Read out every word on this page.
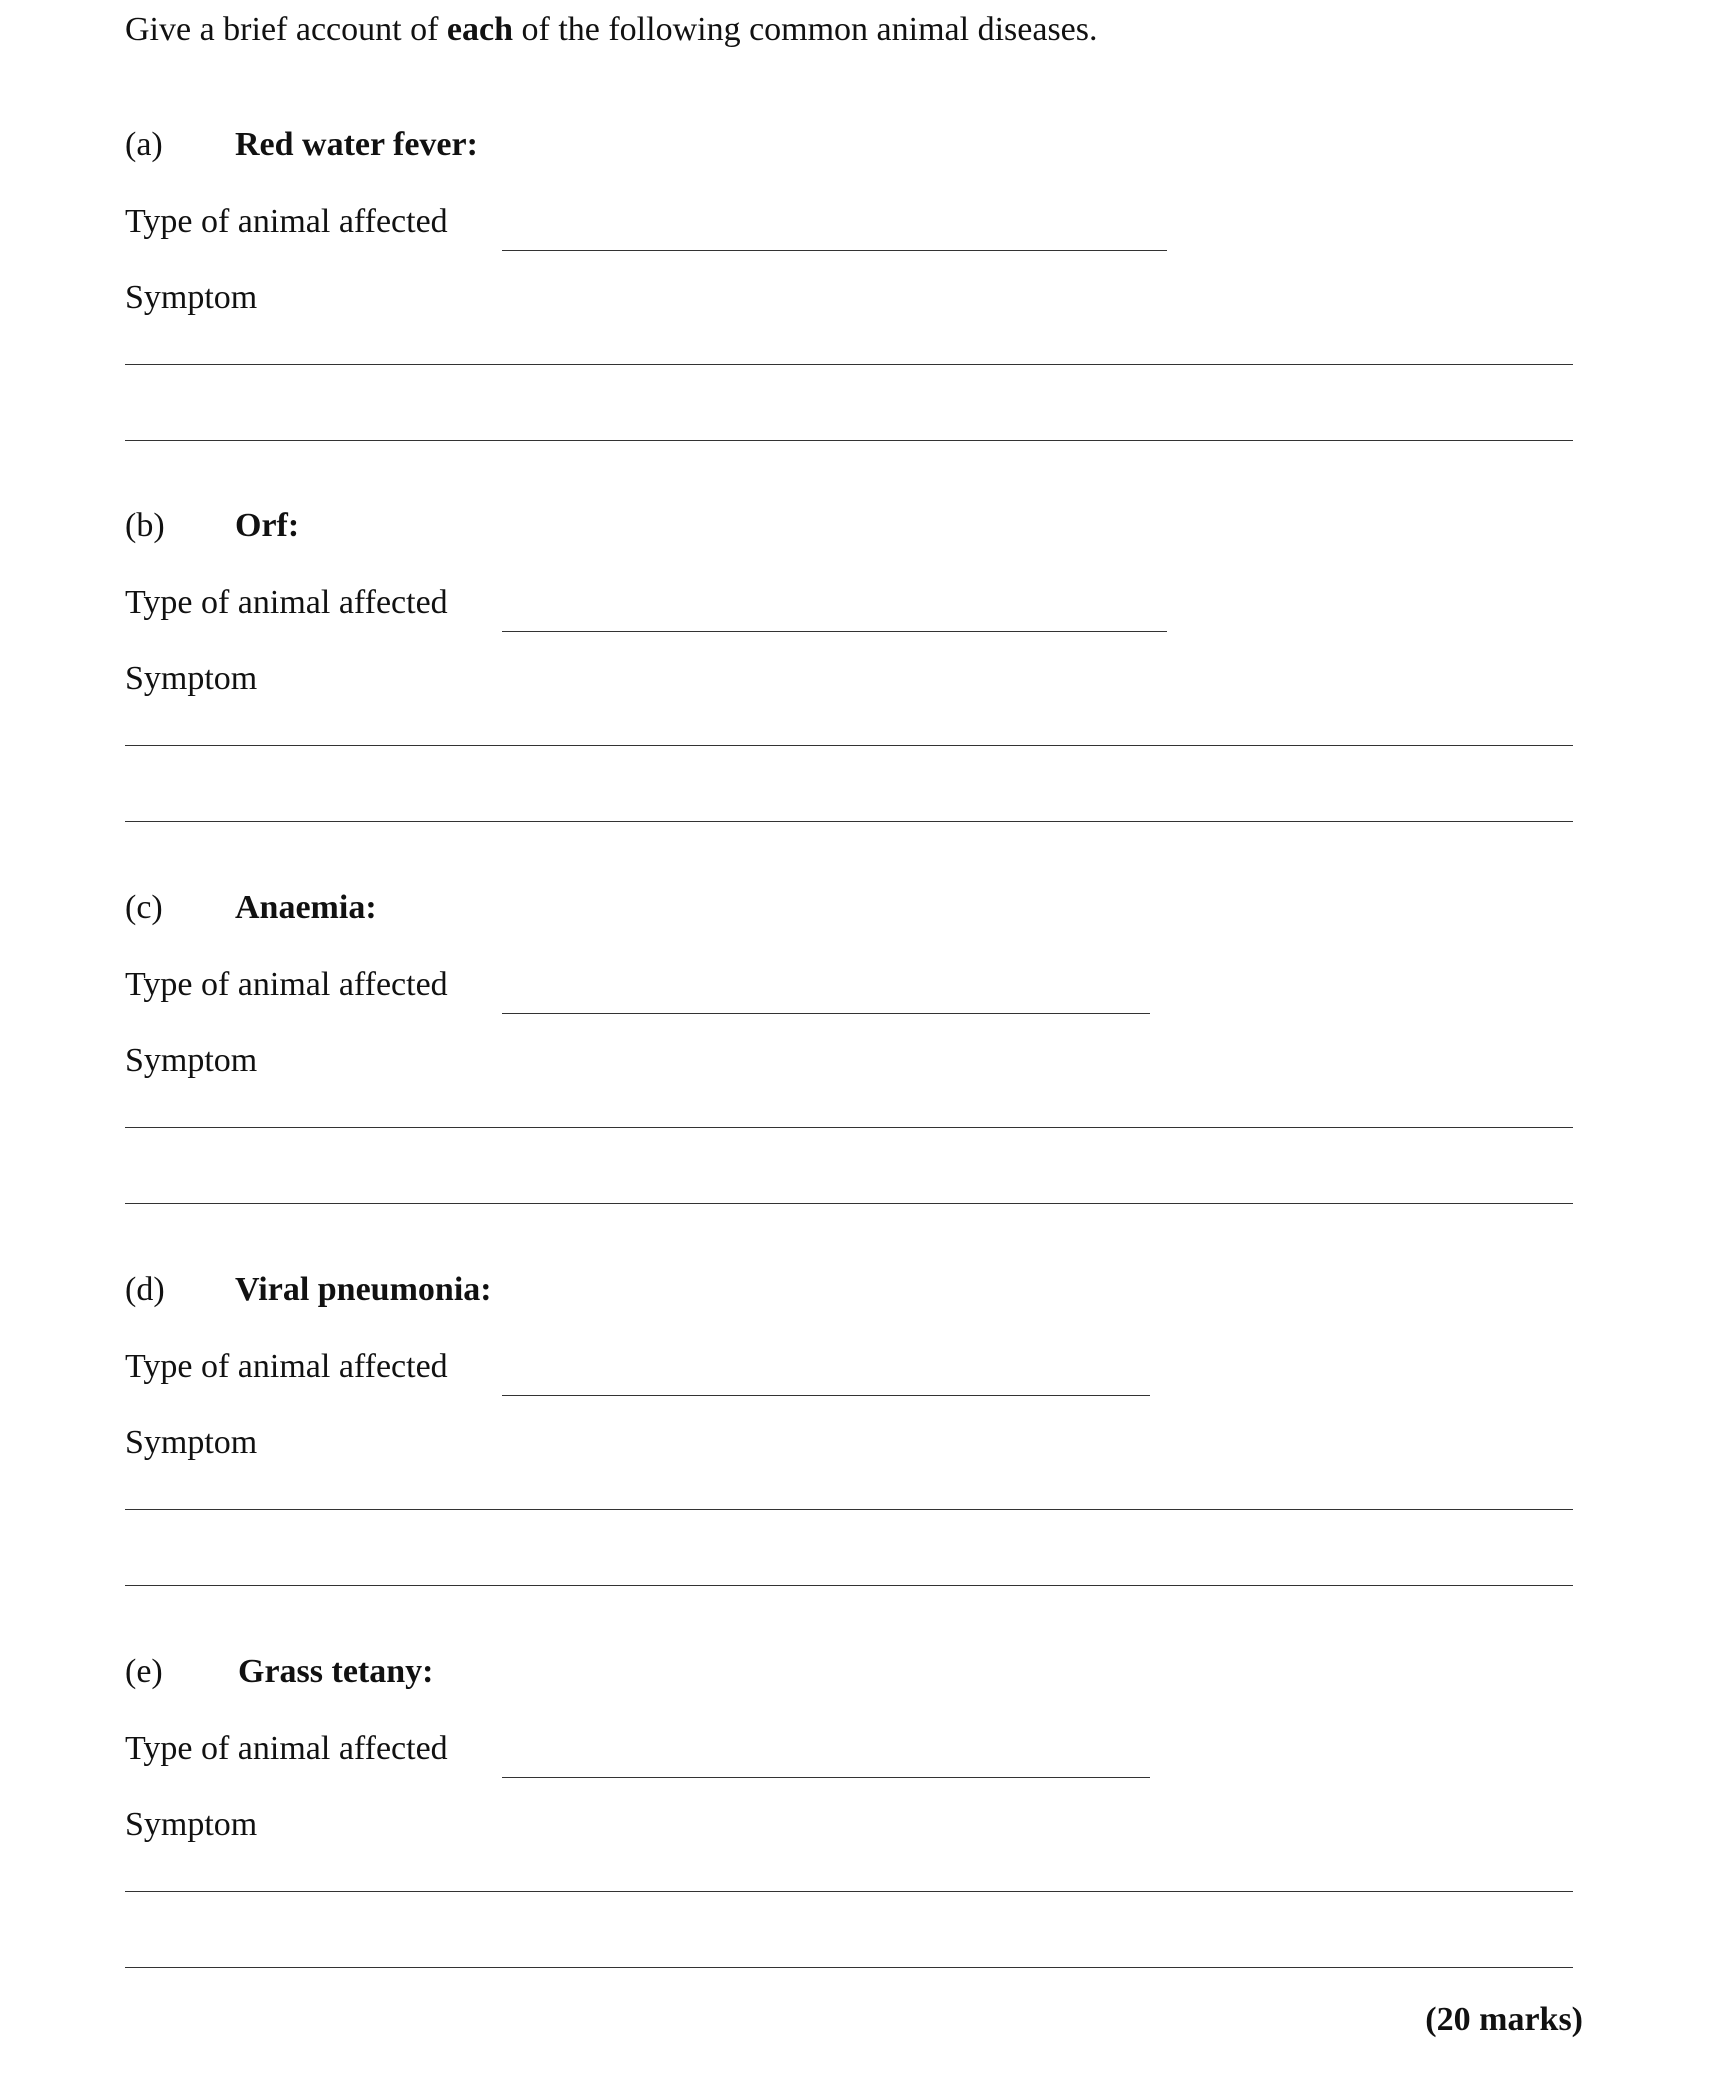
Give a brief account of each of the following common animal diseases.
(a) Red water fever:
Type of animal affected
Symptom
(b) Orf:
Type of animal affected
Symptom
(c) Anaemia:
Type of animal affected
Symptom
(d) Viral pneumonia:
Type of animal affected
Symptom
(e) Grass tetany:
Type of animal affected
Symptom
(20 marks)
